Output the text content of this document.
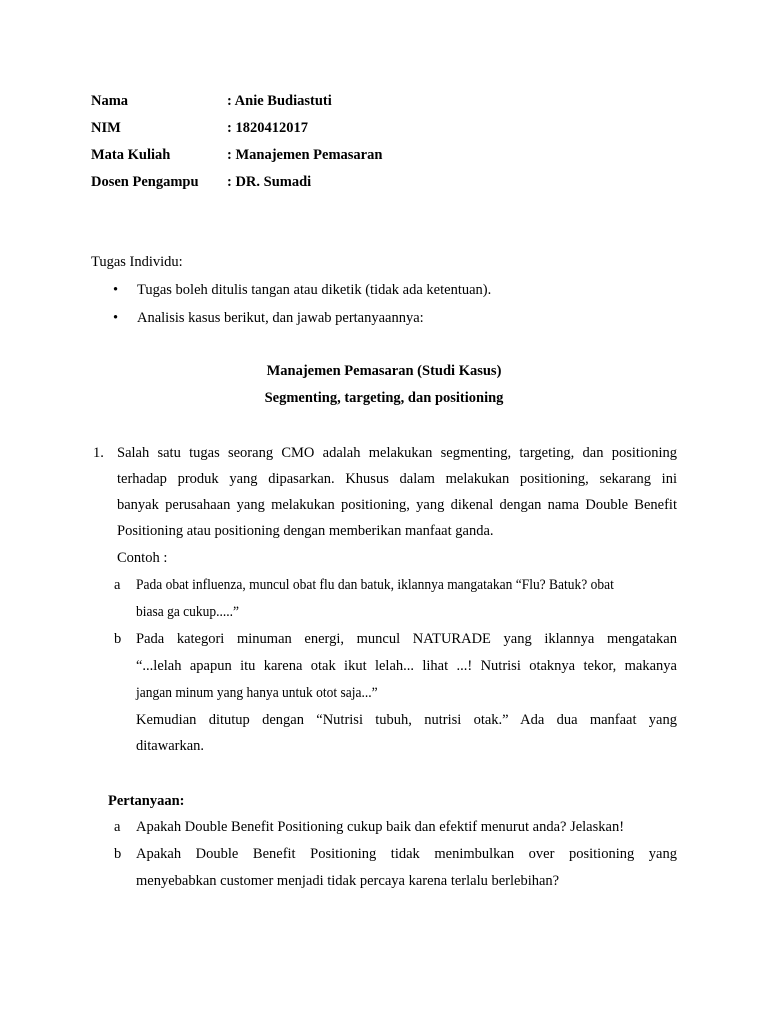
Nama	: Anie Budiastuti
NIM	: 1820412017
Mata Kuliah	: Manajemen Pemasaran
Dosen Pengampu : DR. Sumadi
Tugas Individu:
• Tugas boleh ditulis tangan atau diketik (tidak ada ketentuan).
• Analisis kasus berikut, dan jawab pertanyaannya:
Manajemen Pemasaran (Studi Kasus)
Segmenting, targeting, dan positioning
1. Salah satu tugas seorang CMO adalah melakukan segmenting, targeting, dan positioning
terhadap produk yang dipasarkan. Khusus dalam melakukan positioning, sekarang ini
banyak perusahaan yang melakukan positioning, yang dikenal dengan nama Double Benefit
Positioning atau positioning dengan memberikan manfaat ganda.
Contoh :
a Pada obat influenza, muncul obat flu dan batuk, iklannya mangatakan “Flu? Batuk? obat
biasa ga cukup.....”
b Pada kategori minuman energi, muncul NATURADE yang iklannya mengatakan
“...lelah apapun itu karena otak ikut lelah... lihat ...! Nutrisi otaknya tekor, makanya
jangan minum yang hanya untuk otot saja...”
Kemudian ditutup dengan “Nutrisi tubuh, nutrisi otak.” Ada dua manfaat yang
ditawarkan.
Pertanyaan:
a Apakah Double Benefit Positioning cukup baik dan efektif menurut anda? Jelaskan!
b Apakah Double Benefit Positioning tidak menimbulkan over positioning yang
menyebabkan customer menjadi tidak percaya karena terlalu berlebihan?
